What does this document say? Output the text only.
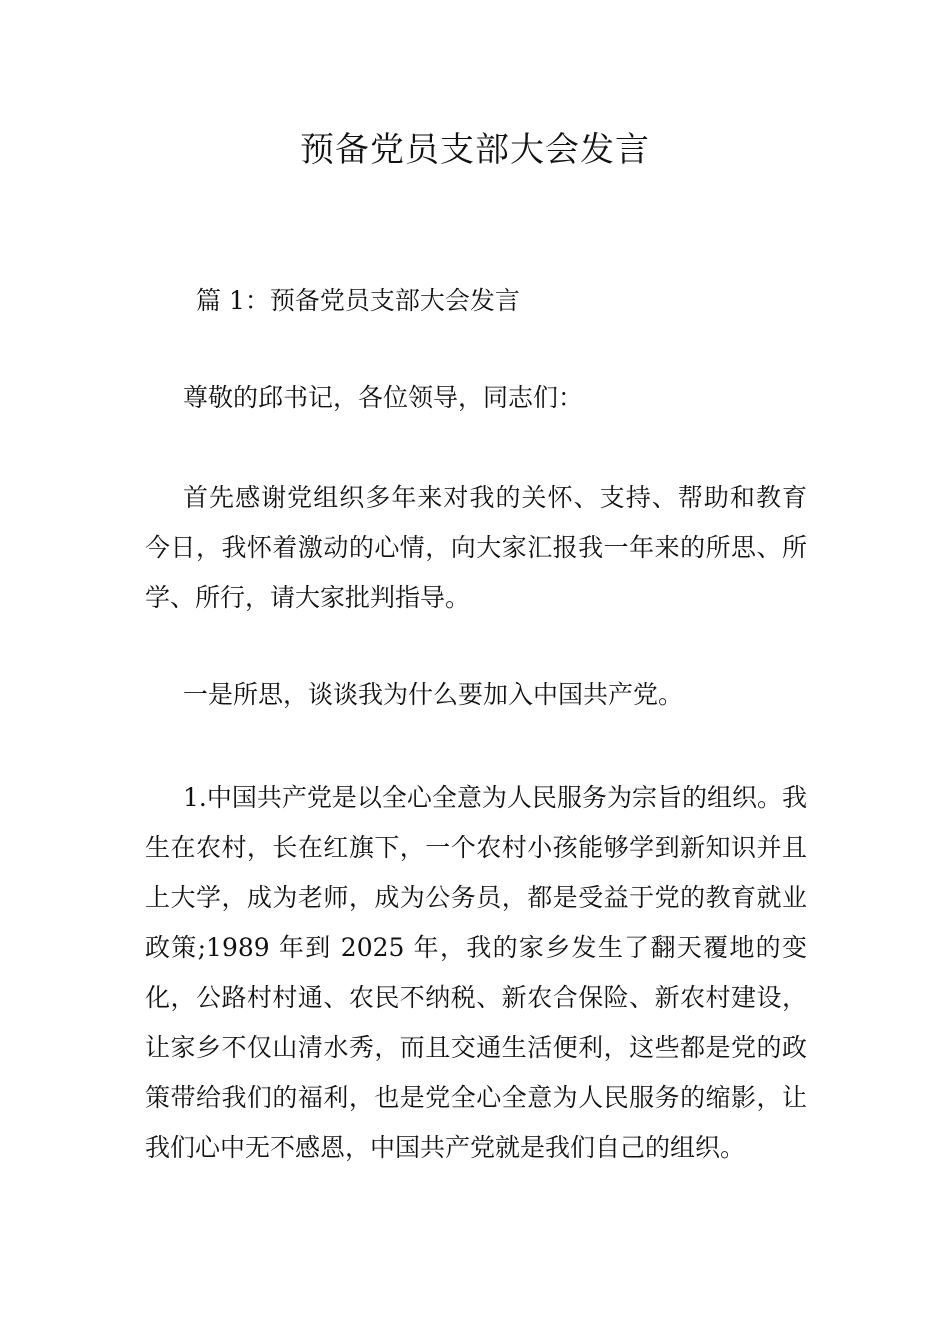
预备党员支部大会发言
篇 1：预备党员支部大会发言

尊敬的邱书记，各位领导，同志们：

首先感谢党组织多年来对我的关怀、支持、帮助和教育今日，我怀着激动的心情，向大家汇报我一年来的所思、所学、所行，请大家批判指导。

一是所思，谈谈我为什么要加入中国共产党。

1.中国共产党是以全心全意为人民服务为宗旨的组织。我生在农村，长在红旗下，一个农村小孩能够学到新知识并且上大学，成为老师，成为公务员，都是受益于党的教育就业政策;1989 年到 2025 年，我的家乡发生了翻天覆地的变化，公路村村通、农民不纳税、新农合保险、新农村建设，让家乡不仅山清水秀，而且交通生活便利，这些都是党的政策带给我们的福利，也是党全心全意为人民服务的缩影，让我们心中无不感恩，中国共产党就是我们自己的组织。
